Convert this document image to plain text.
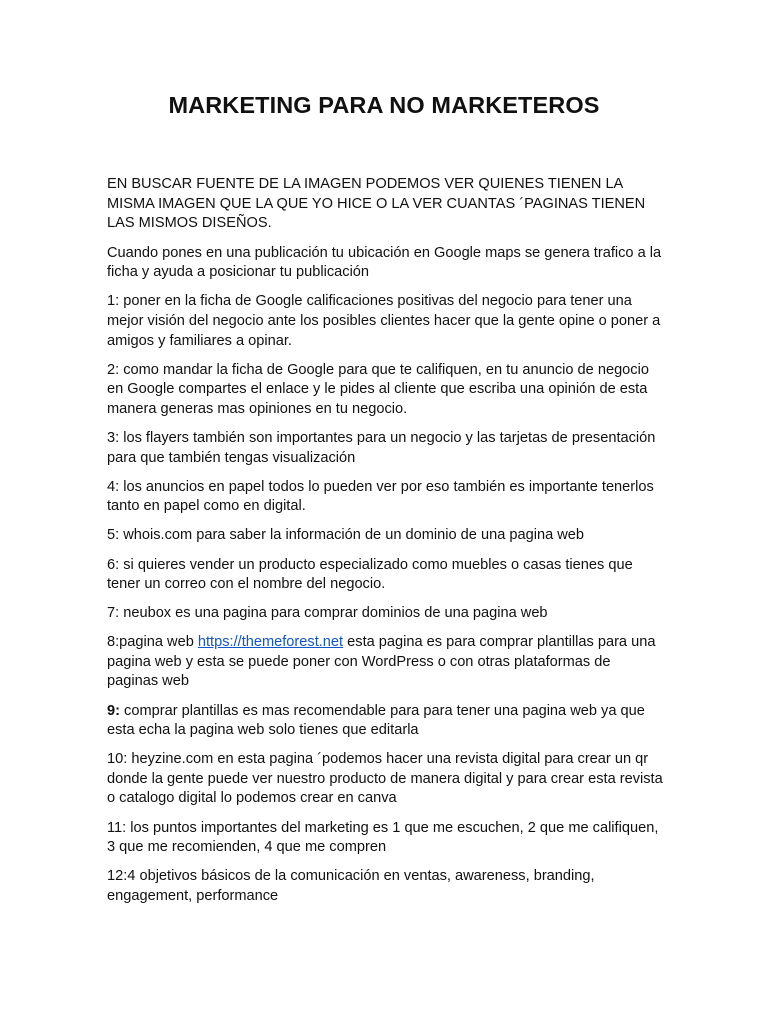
MARKETING PARA NO MARKETEROS

EN BUSCAR FUENTE DE LA IMAGEN PODEMOS VER QUIENES TIENEN LA MISMA IMAGEN QUE LA QUE YO HICE O LA VER CUANTAS ´PAGINAS TIENEN LAS MISMOS DISEÑOS.

Cuando pones en una publicación tu ubicación en Google maps se genera trafico a la ficha y ayuda a posicionar tu publicación

1: poner en la ficha de Google calificaciones positivas del negocio para tener una mejor visión del negocio ante los posibles clientes hacer que la gente opine o poner a amigos y familiares a opinar.

2: como mandar la ficha de Google para que te califiquen, en tu anuncio de negocio en Google compartes el enlace y le pides al cliente que escriba una opinión de esta manera generas mas opiniones en tu negocio.

3: los flayers también son importantes para un negocio y las tarjetas de presentación para que también tengas visualización

4: los anuncios en papel todos lo pueden ver por eso también es importante tenerlos tanto en papel como en digital.

5: whois.com para saber la información de un dominio de una pagina web

6: si quieres vender un producto especializado como muebles o casas tienes que tener un correo con el nombre del negocio.

7: neubox es una pagina para comprar dominios de una pagina web

8:pagina web https://themeforest.net esta pagina es para comprar plantillas para una pagina web y esta se puede poner con WordPress o con otras plataformas de paginas web

9: comprar plantillas es mas recomendable para para tener una pagina web ya que esta echa la pagina web solo tienes que editarla

10: heyzine.com en esta pagina ´podemos hacer una revista digital para crear un qr donde la gente puede ver nuestro producto de manera digital y para crear esta revista o catalogo digital lo podemos crear en canva

11: los puntos importantes del marketing es 1 que me escuchen, 2 que me califiquen, 3 que me recomienden, 4 que me compren

12:4 objetivos básicos de la comunicación en ventas, awareness, branding, engagement, performance
